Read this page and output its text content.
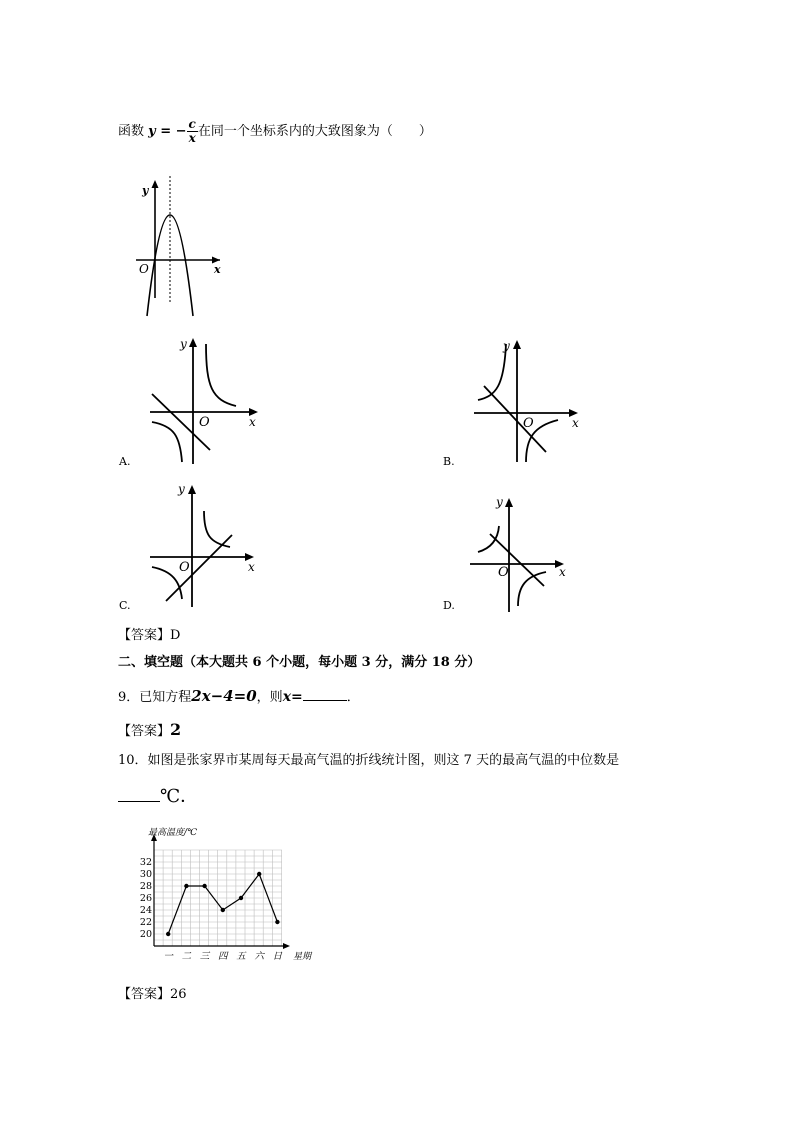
函数 y = − $\frac{c}{x}$ 在同一个坐标系内的大致图象为（　　）
y
x
O
y
x
O
A.
y
x
O
B.
y
x
O
C.
y
x
O
D.
【答案】D
二、填空题（本大题共 6 个小题，每小题 3 分，满分 18 分）
9．已知方程2x−4=0，则x=	．
【答案】2
10．如图是张家界市某周每天最高气温的折线统计图，则这 7 天的最高气温的中位数是
℃．
最高温度/℃
星期
20
22
24
26
28
30
32
一 二 三 四 五 六 日
【答案】26
